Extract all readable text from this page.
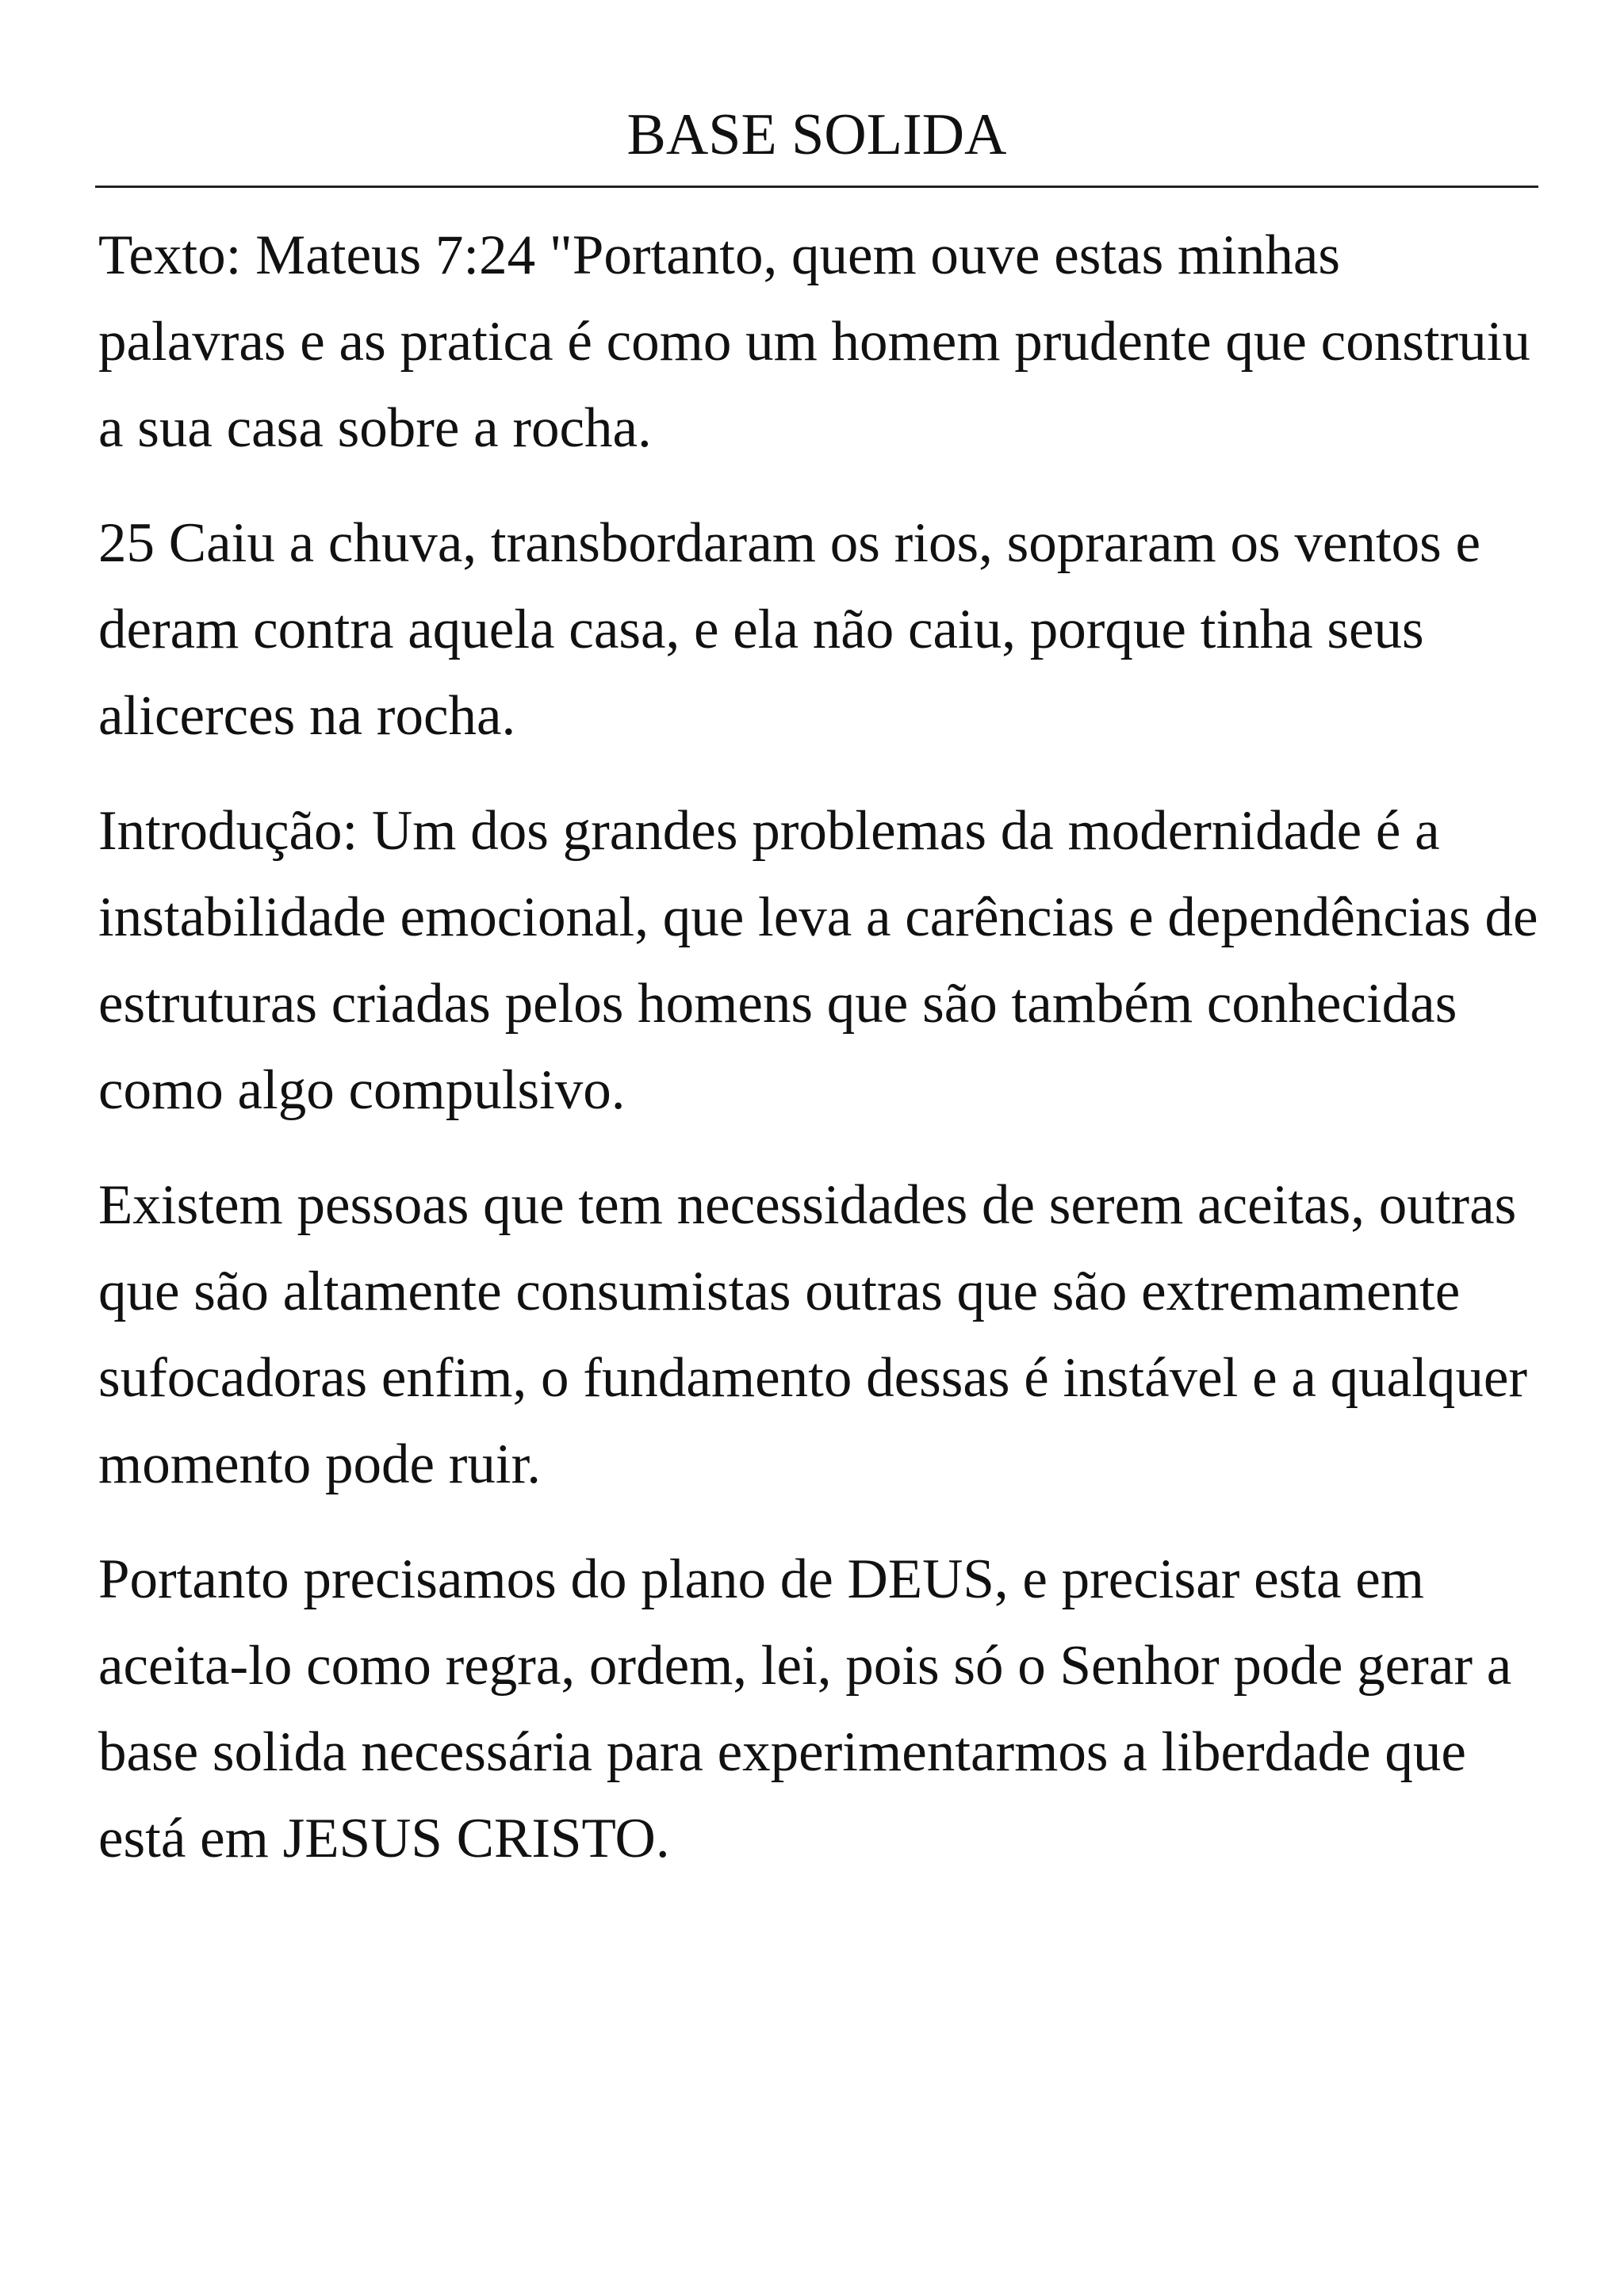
BASE SOLIDA

Texto: Mateus 7:24 "Portanto, quem ouve estas minhas palavras e as pratica é como um homem prudente que construiu a sua casa sobre a rocha.

25 Caiu a chuva, transbordaram os rios, sopraram os ventos e deram contra aquela casa, e ela não caiu, porque tinha seus alicerces na rocha.

Introdução: Um dos grandes problemas da modernidade é a instabilidade emocional, que leva a carências e dependências de estruturas criadas pelos homens que são também conhecidas como algo compulsivo.

Existem pessoas que tem necessidades de serem aceitas, outras que são altamente consumistas outras que são extremamente sufocadoras enfim, o fundamento dessas é instável e a qualquer momento pode ruir.

Portanto precisamos do plano de DEUS, e precisar esta em aceita-lo como regra, ordem, lei, pois só o Senhor pode gerar a base solida necessária para experimentarmos a liberdade que está em JESUS CRISTO.
